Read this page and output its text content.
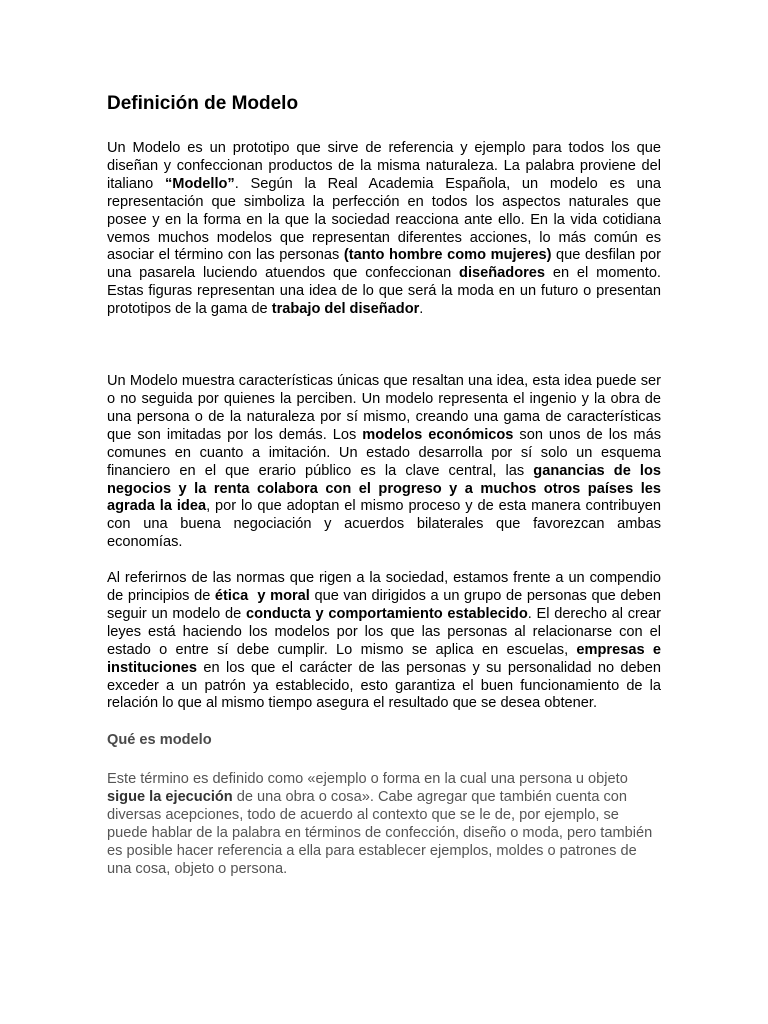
Definición de Modelo

Un Modelo es un prototipo que sirve de referencia y ejemplo para todos los que diseñan y confeccionan productos de la misma naturaleza. La palabra proviene del italiano “Modello”. Según la Real Academia Española, un modelo es una representación que simboliza la perfección en todos los aspectos naturales que posee y en la forma en la que la sociedad reacciona ante ello. En la vida cotidiana vemos muchos modelos que representan diferentes acciones, lo más común es asociar el término con las personas (tanto hombre como mujeres) que desfilan por una pasarela luciendo atuendos que confeccionan diseñadores en el momento. Estas figuras representan una idea de lo que será la moda en un futuro o presentan prototipos de la gama de trabajo del diseñador.

Un Modelo muestra características únicas que resaltan una idea, esta idea puede ser o no seguida por quienes la perciben. Un modelo representa el ingenio y la obra de una persona o de la naturaleza por sí mismo, creando una gama de características que son imitadas por los demás. Los modelos económicos son unos de los más comunes en cuanto a imitación. Un estado desarrolla por sí solo un esquema financiero en el que erario público es la clave central, las ganancias de los negocios y la renta colabora con el progreso y a muchos otros países les agrada la idea, por lo que adoptan el mismo proceso y de esta manera contribuyen con una buena negociación y acuerdos bilaterales que favorezcan ambas economías.

Al referirnos de las normas que rigen a la sociedad, estamos frente a un compendio de principios de ética  y moral que van dirigidos a un grupo de personas que deben seguir un modelo de conducta y comportamiento establecido. El derecho al crear leyes está haciendo los modelos por los que las personas al relacionarse con el estado o entre sí debe cumplir. Lo mismo se aplica en escuelas, empresas e instituciones en los que el carácter de las personas y su personalidad no deben exceder a un patrón ya establecido, esto garantiza el buen funcionamiento de la relación lo que al mismo tiempo asegura el resultado que se desea obtener.

Qué es modelo

Este término es definido como «ejemplo o forma en la cual una persona u objeto sigue la ejecución de una obra o cosa». Cabe agregar que también cuenta con diversas acepciones, todo de acuerdo al contexto que se le de, por ejemplo, se puede hablar de la palabra en términos de confección, diseño o moda, pero también es posible hacer referencia a ella para establecer ejemplos, moldes o patrones de una cosa, objeto o persona.
